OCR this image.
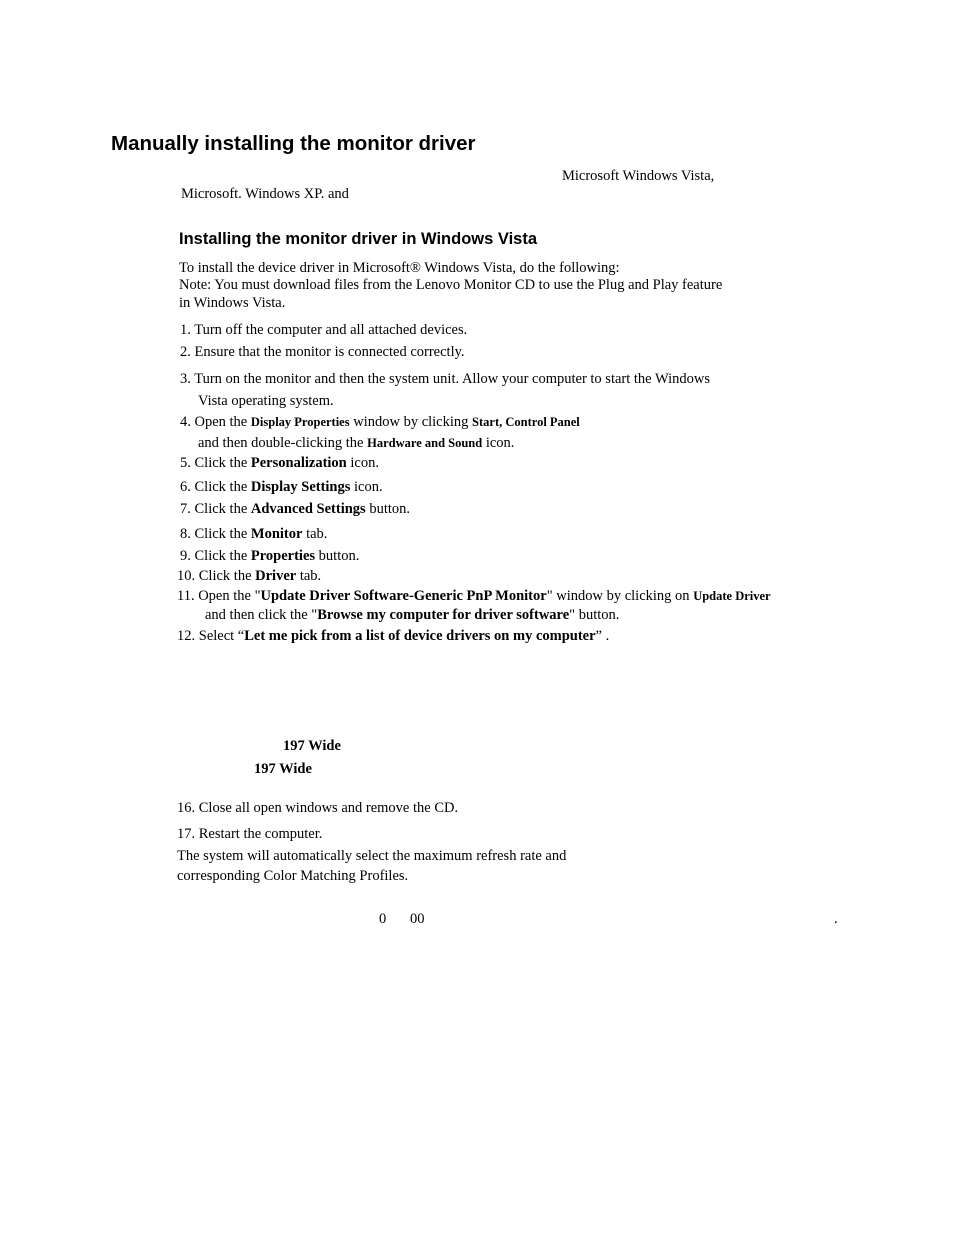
Manually installing the monitor driver
Microsoft Windows Vista,
Microsoft. Windows XP. and
Installing the monitor driver in Windows Vista
To install the device driver in Microsoft® Windows Vista, do the following:
Note: You must download files from the Lenovo Monitor CD to use the Plug and Play feature
in Windows Vista.
1. Turn off the computer and all attached devices.
2. Ensure that the monitor is connected correctly.
3. Turn on the monitor and then the system unit. Allow your computer to start the Windows
Vista operating system.
4. Open the Display Properties window by clicking Start, Control Panel
and then double-clicking the Hardware and Sound icon.
5. Click the Personalization icon.
6. Click the Display Settings icon.
7. Click the Advanced Settings button.
8. Click the Monitor tab.
9. Click the Properties button.
10. Click the Driver tab.
11. Open the "Update Driver Software-Generic PnP Monitor" window by clicking on Update Driver
and then click the "Browse my computer for driver software" button.
12. Select “Let me pick from a list of device drivers on my computer” .
197 Wide
197 Wide
16. Close all open windows and remove the CD.
17. Restart the computer.
The system will automatically select the maximum refresh rate and
corresponding Color Matching Profiles.
0 00	.
